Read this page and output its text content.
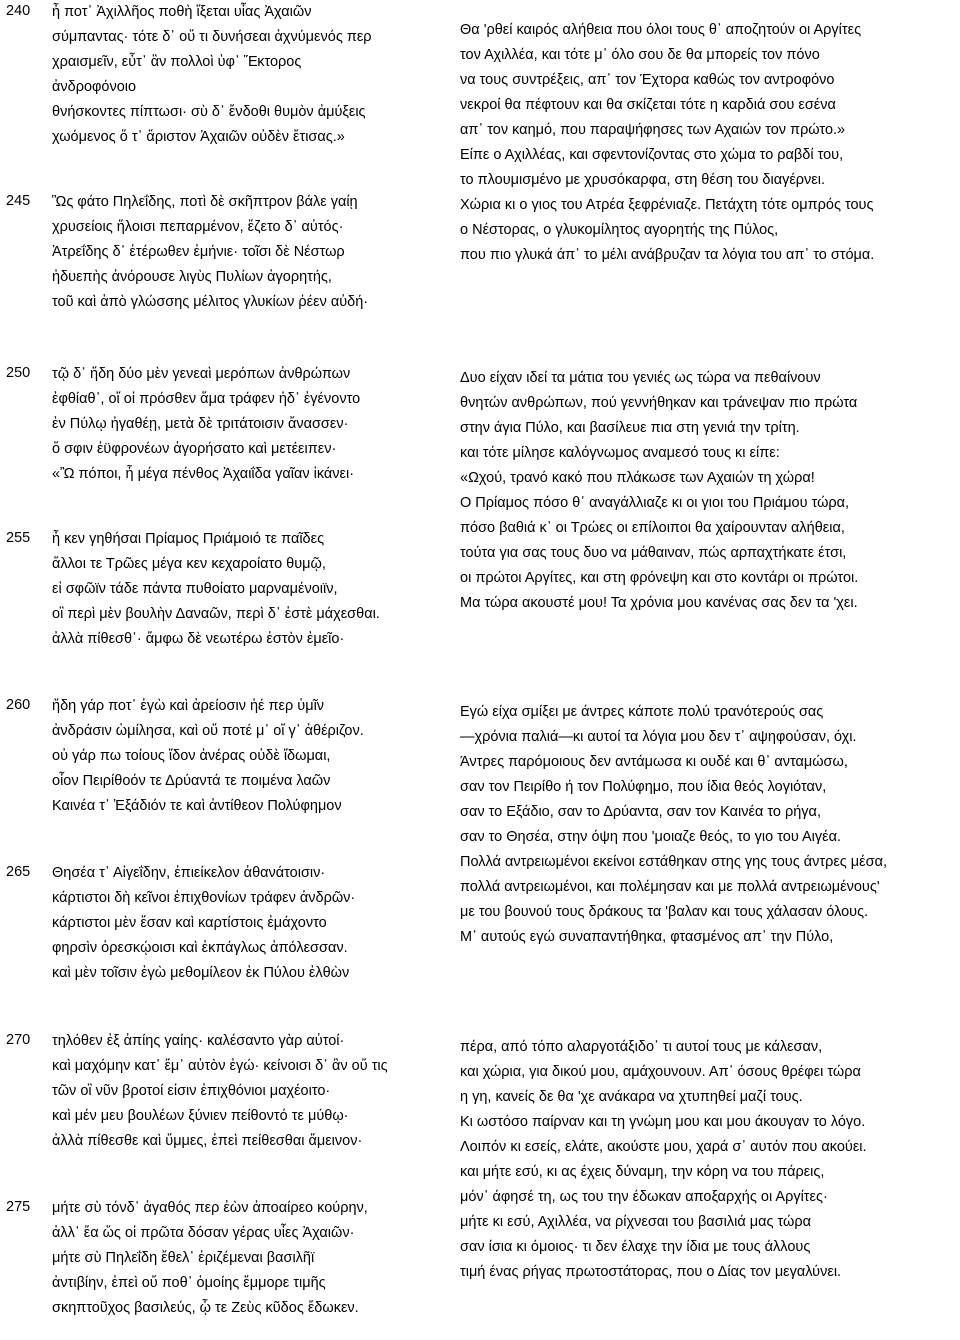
240	ἦ ποτ᾽ Ἀχιλλῆος ποθὴ ἵξεται υἷας Ἀχαιῶν
σύμπαντας· τότε δ᾽ οὔ τι δυνήσεαι ἀχνύμενός περ
χραισμεῖν, εὖτ᾽ ἂν πολλοὶ ὑφ᾽ Ἕκτορος
ἀνδροφόνοιο
θνήσκοντες πίπτωσι· σὺ δ᾽ ἔνδοθι θυμὸν ἀμύξεις
χωόμενος ὅ τ᾽ ἄριστον Ἀχαιῶν οὐδὲν ἔτισας.»
Θα 'ρθεί καιρός αλήθεια που όλοι τους θ᾽ αποζητούν οι Αργίτες
τον Αχιλλέα, και τότε μ᾽ όλο σου δε θα μπορείς τον πόνο
να τους συντρέξεις, απ᾽ τον Έχτορα καθώς τον αντροφόνο
νεκροί θα πέφτουν και θα σκίζεται τότε η καρδιά σου εσένα
απ᾽ τον καημό, που παραψήφησες των Αχαιών τον πρώτο.»
Είπε ο Αχιλλέας, και σφεντονίζοντας στο χώμα το ραβδί του,
το πλουμισμένο με χρυσόκαρφα, στη θέση του διαγέρνει.
Χώρια κι ο γιος του Ατρέα ξεφρένιαζε. Πετάχτη τότε ομπρός τους
ο Νέστορας, ο γλυκομίλητος αγορητής της Πύλος,
που πιο γλυκά άπ᾽ το μέλι ανάβρυζαν τα λόγια του απ᾽ το στόμα.
245	Ὣς φάτο Πηλεΐδης, ποτὶ δὲ σκῆπτρον βάλε γαίῃ
χρυσείοις ἥλοισι πεπαρμένον, ἕζετο δ᾽ αὐτός·
Ἀτρεΐδης δ᾽ ἑτέρωθεν ἐμήνιε· τοῖσι δὲ Νέστωρ
ἡδυεπὴς ἀνόρουσε λιγὺς Πυλίων ἀγορητής,
τοῦ καὶ ἀπὸ γλώσσης μέλιτος γλυκίων ῥέεν αὐδή·
250	τῷ δ᾽ ἤδη δύο μὲν γενεαὶ μερόπων ἀνθρώπων
ἐφθίαθ᾽, οἵ οἱ πρόσθεν ἅμα τράφεν ἠδ᾽ ἐγένοντο
ἐν Πύλῳ ἠγαθέῃ, μετὰ δὲ τριτάτοισιν ἄνασσεν·
ὅ σφιν ἐϋφρονέων ἀγορήσατο καὶ μετέειπεν·
«Ὢ πόποι, ἦ μέγα πένθος Ἀχαιΐδα γαῖαν ἱκάνει·
Δυο είχαν ιδεί τα μάτια του γενιές ως τώρα να πεθαίνουν
θνητών ανθρώπων, πού γεννήθηκαν και τράνεψαν πιο πρώτα
στην άγια Πύλο, και βασίλευε πια στη γενιά την τρίτη.
και τότε μίλησε καλόγνωμος αναμεσό τους κι είπε:
«Ωχού, τρανό κακό που πλάκωσε των Αχαιών τη χώρα!
Ο Πρίαμος πόσο θ᾽ αναγάλλιαζε κι οι γιοι του Πριάμου τώρα,
πόσο βαθιά κ᾽ οι Τρώες οι επίλοιποι θα χαίρουνταν αλήθεια,
τούτα για σας τους δυο να μάθαιναν, πώς αρπαχτήκατε έτσι,
οι πρώτοι Αργίτες, και στη φρόνεψη και στο κοντάρι οι πρώτοι.
Μα τώρα ακουστέ μου! Τα χρόνια μου κανένας σας δεν τα 'χει.
255	ἦ κεν γηθήσαι Πρίαμος Πριάμοιό τε παῖδες
ἄλλοι τε Τρῶες μέγα κεν κεχαροίατο θυμῷ,
εἰ σφῶϊν τάδε πάντα πυθοίατο μαρναμένοιϊν,
οἳ περὶ μὲν βουλὴν Δαναῶν, περὶ δ᾽ ἐστὲ μάχεσθαι.
ἀλλὰ πίθεσθ᾽· ἄμφω δὲ νεωτέρω ἐστὸν ἐμεῖο·
260	ἤδη γάρ ποτ᾽ ἐγὼ καὶ ἀρείοσιν ἠέ περ ὑμῖν
ἀνδράσιν ὡμίλησα, καὶ οὔ ποτέ μ᾽ οἵ γ᾽ ἀθέριζον.
οὐ γάρ πω τοίους ἴδον ἀνέρας οὐδὲ ἴδωμαι,
οἷον Πειρίθοόν τε Δρύαντά τε ποιμένα λαῶν
Καινέα τ᾽ Ἐξάδιόν τε καὶ ἀντίθεον Πολύφημον
Εγώ είχα σμίξει με άντρες κάποτε πολύ τρανότερούς σας
—χρόνια παλιά—κι αυτοί τα λόγια μου δεν τ᾽ αψηφούσαν, όχι.
Άντρες παρόμοιους δεν αντάμωσα κι ουδέ και θ᾽ ανταμώσω,
σαν τον Πειρίθο ή τον Πολύφημο, που ίδια θεός λογιόταν,
σαν το Εξάδιο, σαν το Δρύαντα, σαν τον Καινέα το ρήγα,
σαν το Θησέα, στην όψη που 'μοιαζε θεός, το γιο του Αιγέα.
Πολλά αντρειωμένοι εκείνοι εστάθηκαν στης γης τους άντρες μέσα,
πολλά αντρειωμένοι, και πολέμησαν και με πολλά αντρειωμένους'
με του βουνού τους δράκους τα 'βαλαν και τους χάλασαν όλους.
Μ᾽ αυτούς εγώ συναπαντήθηκα, φτασμένος απ᾽ την Πύλο,
265	Θησέα τ᾽ Αἰγεΐδην, ἐπιείκελον ἀθανάτοισιν·
κάρτιστοι δὴ κεῖνοι ἐπιχθονίων τράφεν ἀνδρῶν·
κάρτιστοι μὲν ἔσαν καὶ καρτίστοις ἐμάχοντο
φηρσὶν ὀρεσκῴοισι καὶ ἐκπάγλως ἀπόλεσσαν.
καὶ μὲν τοῖσιν ἐγὼ μεθομίλεον ἐκ Πύλου ἐλθὼν
270	τηλόθεν ἐξ ἀπίης γαίης· καλέσαντο γὰρ αὐτοί·
καὶ μαχόμην κατ᾽ ἔμ᾽ αὐτὸν ἐγώ· κείνοισι δ᾽ ἂν οὔ τις
τῶν οἳ νῦν βροτοί εἰσιν ἐπιχθόνιοι μαχέοιτο·
καὶ μέν μευ βουλέων ξύνιεν πείθοντό τε μύθῳ·
ἀλλὰ πίθεσθε καὶ ὔμμες, ἐπεὶ πείθεσθαι ἄμεινον·
πέρα, από τόπο αλαργοτάξιδο᾽ τι αυτοί τους με κάλεσαν,
και χώρια, για δικού μου, αμάχουνουν. Απ᾽ όσους θρέφει τώρα
η γη, κανείς δε θα 'χε ανάκαρα να χτυπηθεί μαζί τους.
Κι ωστόσο παίρναν και τη γνώμη μου και μου άκουγαν το λόγο.
Λοιπόν κι εσείς, ελάτε, ακούστε μου, χαρά σ᾽ αυτόν που ακούει.
και μήτε εσύ, κι ας έχεις δύναμη, την κόρη να του πάρεις,
μόν᾽ άφησέ τη, ως του την έδωκαν αποξαρχής οι Αργίτες·
μήτε κι εσύ, Αχιλλέα, να ρίχνεσαι του βασιλιά μας τώρα
σαν ίσια κι όμοιος· τι δεν έλαχε την ίδια με τους άλλους
τιμή ένας ρήγας πρωτοστάτορας, που ο Δίας τον μεγαλύνει.
275	μήτε σὺ τόνδ᾽ ἀγαθός περ ἐὼν ἀποαίρεο κούρην,
ἀλλ᾽ ἔα ὥς οἱ πρῶτα δόσαν γέρας υἷες Ἀχαιῶν·
μήτε σὺ Πηλεΐδη ἔθελ᾽ ἐριζέμεναι βασιλῆϊ
ἀντιβίην, ἐπεὶ οὔ ποθ᾽ ὁμοίης ἔμμορε τιμῆς
σκηπτοῦχος βασιλεύς, ᾧ τε Ζεὺς κῦδος ἔδωκεν.
